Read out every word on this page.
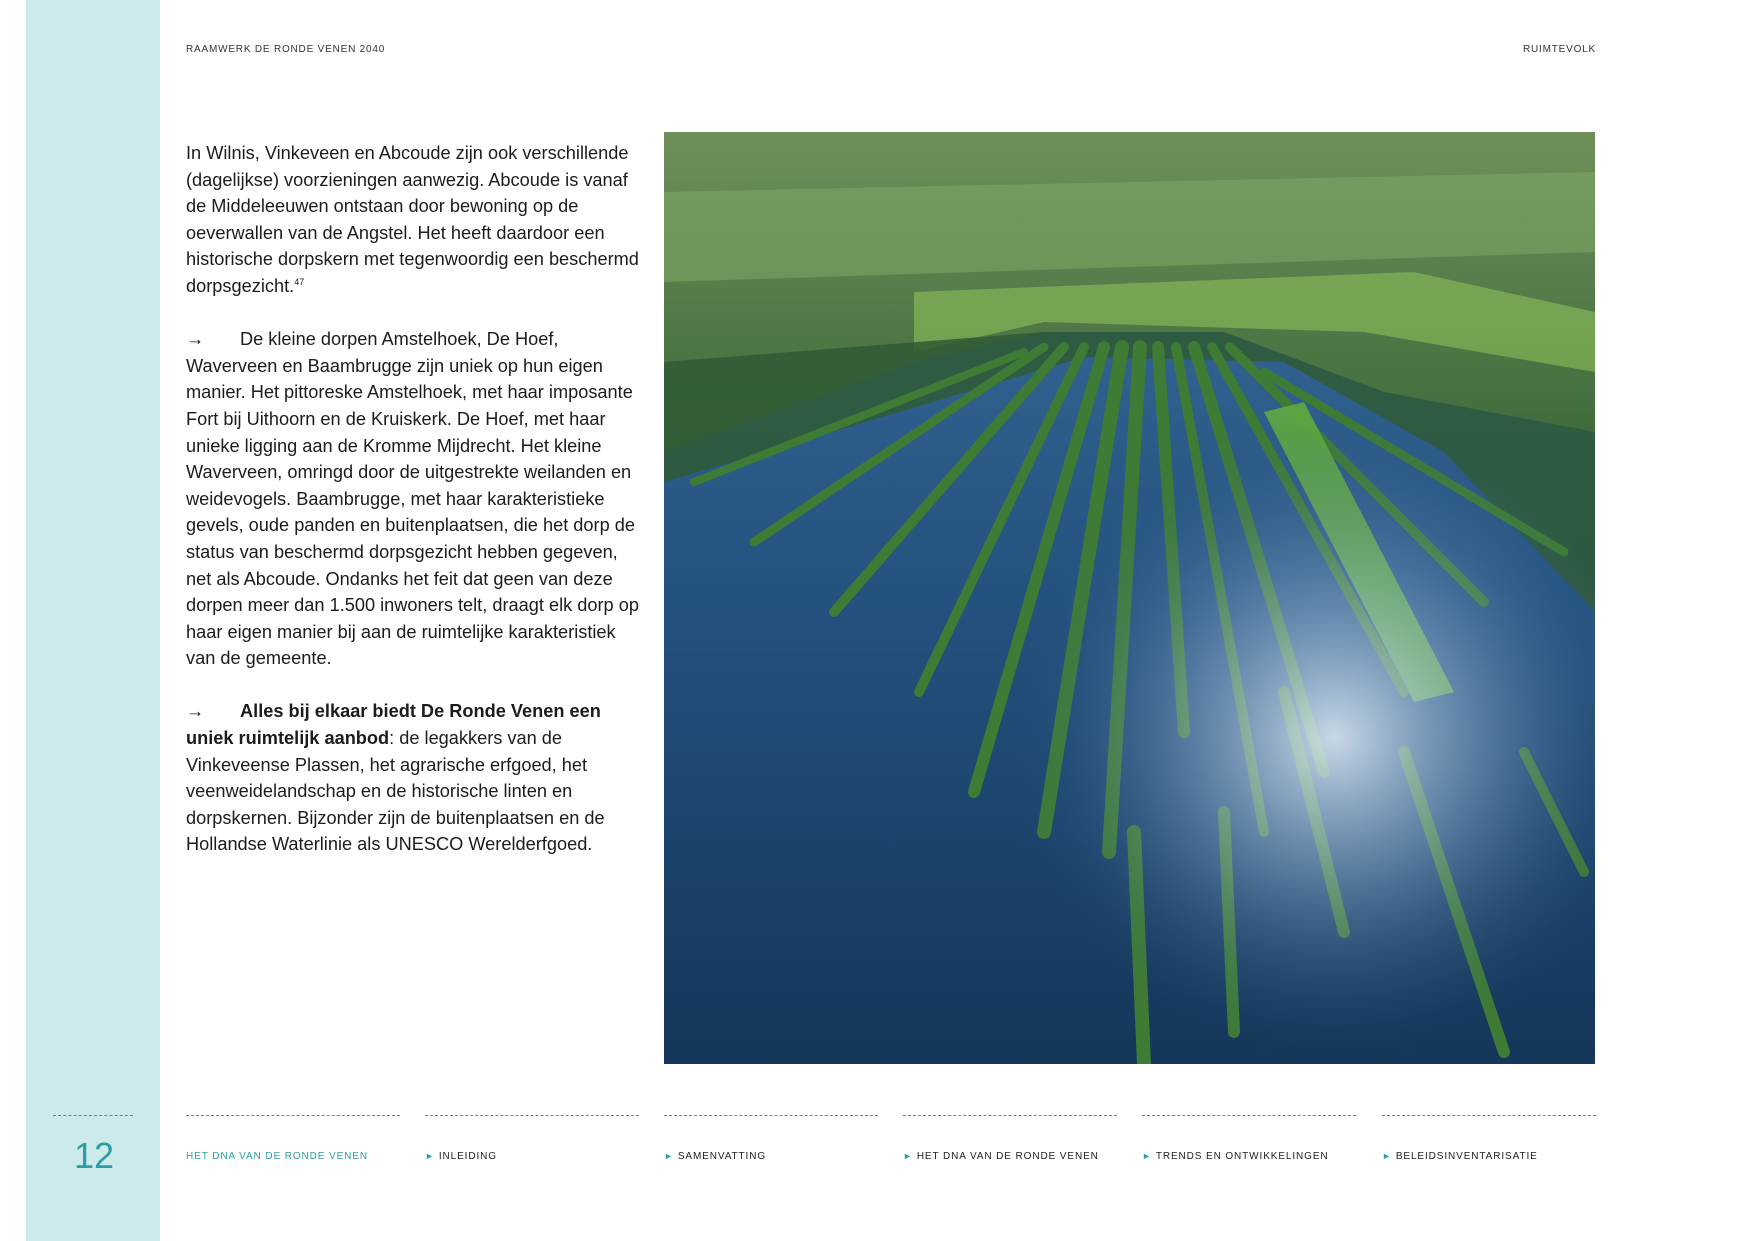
12
RAAMWERK DE RONDE VENEN 2040	RUIMTEVOLK

In Wilnis, Vinkeveen en Abcoude zijn ook verschillende (dagelijkse) voorzieningen aanwezig. Abcoude is vanaf de Middeleeuwen ontstaan door bewoning op de oeverwallen van de Angstel. Het heeft daardoor een historische dorpskern met tegenwoordig een beschermd dorpsgezicht.$^{47}$

→ De kleine dorpen Amstelhoek, De Hoef, Waverveen en Baambrugge zijn uniek op hun eigen manier. Het pittoreske Amstelhoek, met haar imposante Fort bij Uithoorn en de Kruiskerk. De Hoef, met haar unieke ligging aan de Kromme Mijdrecht. Het kleine Waverveen, omringd door de uitgestrekte weilanden en weidevogels. Baambrugge, met haar karakteristieke gevels, oude panden en buitenplaatsen, die het dorp de status van beschermd dorpsgezicht hebben gegeven, net als Abcoude. Ondanks het feit dat geen van deze dorpen meer dan 1.500 inwoners telt, draagt elk dorp op haar eigen manier bij aan de ruimtelijke karakteristiek van de gemeente.

→ Alles bij elkaar biedt De Ronde Venen een uniek ruimtelijk aanbod: de legakkers van de Vinkeveense Plassen, het agrarische erfgoed, het veenweidelandschap en de historische linten en dorpskernen. Bijzonder zijn de buitenplaatsen en de Hollandse Waterlinie als UNESCO Werelderfgoed.

HET DNA VAN DE RONDE VENEN	► INLEIDING	► SAMENVATTING	► HET DNA VAN DE RONDE VENEN	► TRENDS EN ONTWIKKELINGEN	► BELEIDSINVENTARISATIE
